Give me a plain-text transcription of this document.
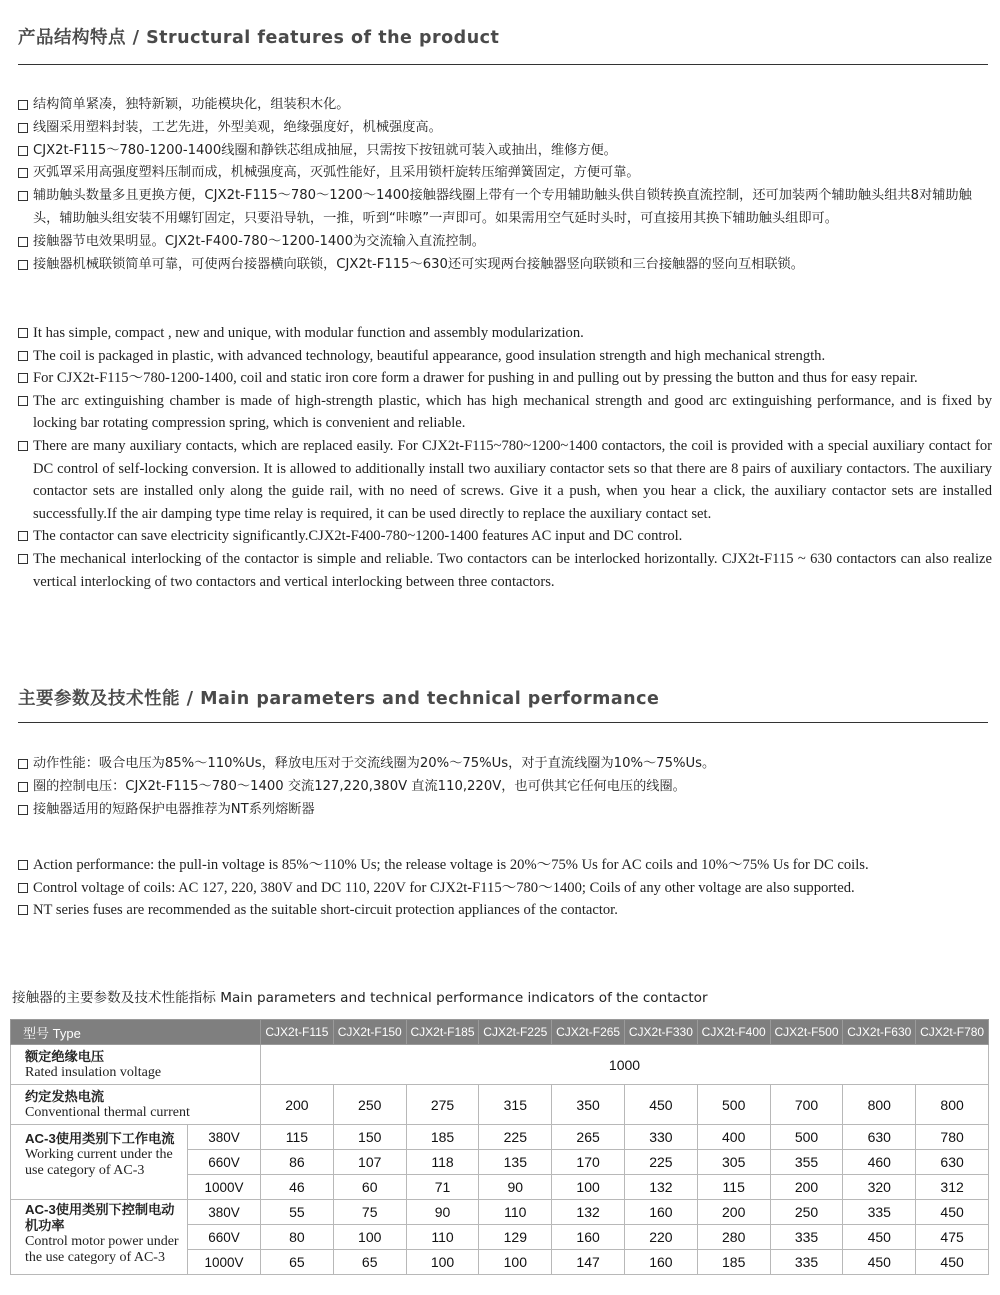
产品结构特点 / Structural features of the product
结构简单紧凑，独特新颖，功能模块化，组装积木化。
线圈采用塑料封装，工艺先进，外型美观，绝缘强度好，机械强度高。
CJX2t-F115～780-1200-1400线圈和静铁芯组成抽屉，只需按下按钮就可装入或抽出，维修方便。
灭弧罩采用高强度塑料压制而成，机械强度高，灭弧性能好，且采用锁杆旋转压缩弹簧固定，方便可靠。
辅助触头数量多且更换方便，CJX2t-F115～780～1200～1400接触器线圈上带有一个专用辅助触头供自锁转换直流控制，还可加装两个辅助触头组共8对辅助触头，辅助触头组安装不用螺钉固定，只要沿导轨，一推，听到“咔嚓”一声即可。如果需用空气延时头时，可直接用其换下辅助触头组即可。
接触器节电效果明显。CJX2t-F400-780～1200-1400为交流输入直流控制。
接触器机械联锁简单可靠，可使两台接器横向联锁，CJX2t-F115～630还可实现两台接触器竖向联锁和三台接触器的竖向互相联锁。
It has simple, compact , new and unique, with modular function and assembly modularization.
The coil is packaged in plastic, with advanced technology, beautiful appearance, good insulation strength and high mechanical strength.
For CJX2t-F115～780-1200-1400, coil and static iron core form a drawer for pushing in and pulling out by pressing the button and thus for easy repair.
The arc extinguishing chamber is made of high-strength plastic, which has high mechanical strength and good arc extinguishing performance, and is fixed by locking bar rotating compression spring, which is convenient and reliable.
There are many auxiliary contacts, which are replaced easily. For CJX2t-F115~780~1200~1400 contactors, the coil is provided with a special auxiliary contact for DC control of self-locking conversion. It is allowed to additionally install two auxiliary contactor sets so that there are 8 pairs of auxiliary contactors. The auxiliary contactor sets are installed only along the guide rail, with no need of screws. Give it a push, when you hear a click, the auxiliary contactor sets are installed successfully.If the air damping type time relay is required, it can be used directly to replace the auxiliary contact set.
The contactor can save electricity significantly.CJX2t-F400-780~1200-1400 features AC input and DC control.
The mechanical interlocking of the contactor is simple and reliable. Two contactors can be interlocked horizontally. CJX2t-F115 ~ 630 contactors can also realize vertical interlocking of two contactors and vertical interlocking between three contactors.
主要参数及技术性能 / Main parameters and technical performance
动作性能：吸合电压为85%～110%Us，释放电压对于交流线圈为20%～75%Us，对于直流线圈为10%～75%Us。
圈的控制电压：CJX2t-F115～780～1400 交流127,220,380V 直流110,220V，也可供其它任何电压的线圈。
接触器适用的短路保护电器推荐为NT系列熔断器
Action performance: the pull-in voltage is 85%～110% Us; the release voltage is 20%～75% Us for AC coils and 10%～75% Us for DC coils.
Control voltage of coils: AC 127, 220, 380V and DC 110, 220V for CJX2t-F115～780～1400; Coils of any other voltage are also supported.
NT series fuses are recommended as the suitable short-circuit protection appliances of the contactor.
接触器的主要参数及技术性能指标 Main parameters and technical performance indicators of the contactor
型号 Type		CJX2t-F115	CJX2t-F150	CJX2t-F185	CJX2t-F225	CJX2t-F265	CJX2t-F330	CJX2t-F400	CJX2t-F500	CJX2t-F630	CJX2t-F780

额定绝缘电压
Rated insulation voltage		1000									

约定发热电流
Conventional thermal current		200	250	275	315	350	450	500	700	800	800

AC-3使用类别下工作电流
Working current under the use category of AC-3	380V	115	150	185	225	265	330	400	500	630	780
	660V	86	107	118	135	170	225	305	355	460	630
	1000V	46	60	71	90	100	132	115	200	320	312

AC-3使用类别下控制电动机功率
Control motor power under the use category of AC-3	380V	55	75	90	110	132	160	200	250	335	450
	660V	80	100	110	129	160	220	280	335	450	475
	1000V	65	65	100	100	147	160	185	335	450	450
